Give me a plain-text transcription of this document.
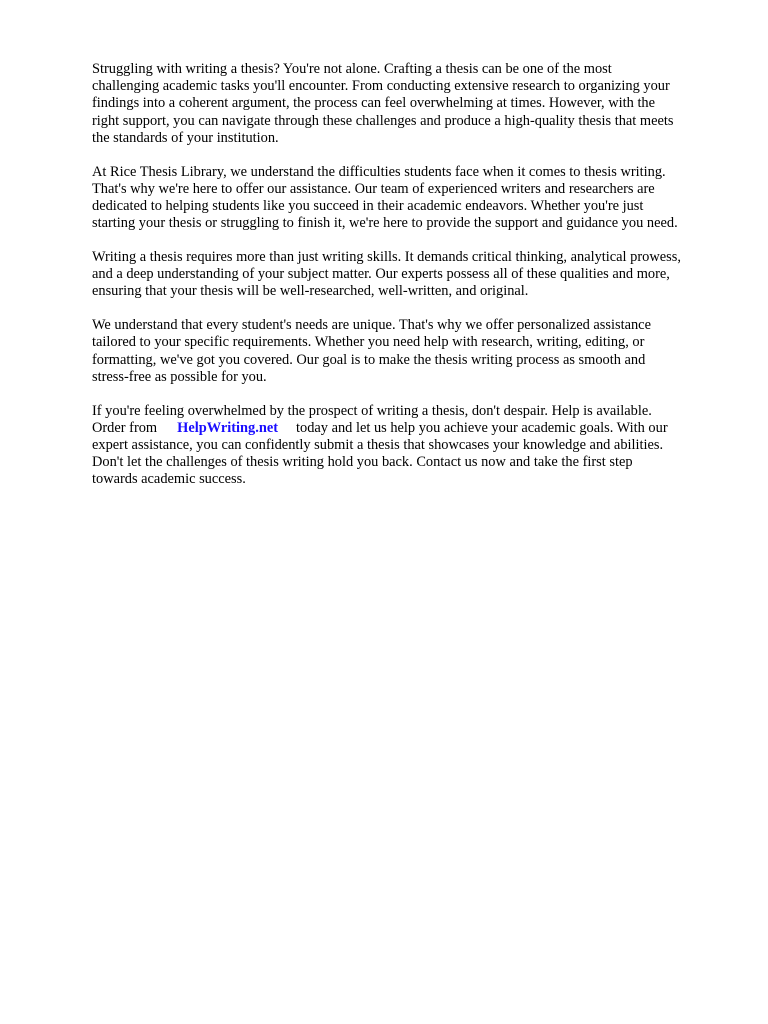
Struggling with writing a thesis? You're not alone. Crafting a thesis can be one of the most
challenging academic tasks you'll encounter. From conducting extensive research to organizing your
findings into a coherent argument, the process can feel overwhelming at times. However, with the
right support, you can navigate through these challenges and produce a high-quality thesis that meets
the standards of your institution.

At Rice Thesis Library, we understand the difficulties students face when it comes to thesis writing.
That's why we're here to offer our assistance. Our team of experienced writers and researchers are
dedicated to helping students like you succeed in their academic endeavors. Whether you're just
starting your thesis or struggling to finish it, we're here to provide the support and guidance you need.

Writing a thesis requires more than just writing skills. It demands critical thinking, analytical prowess,
and a deep understanding of your subject matter. Our experts possess all of these qualities and more,
ensuring that your thesis will be well-researched, well-written, and original.

We understand that every student's needs are unique. That's why we offer personalized assistance
tailored to your specific requirements. Whether you need help with research, writing, editing, or
formatting, we've got you covered. Our goal is to make the thesis writing process as smooth and
stress-free as possible for you.

If you're feeling overwhelmed by the prospect of writing a thesis, don't despair. Help is available.
Order from HelpWriting.net today and let us help you achieve your academic goals. With our
expert assistance, you can confidently submit a thesis that showcases your knowledge and abilities.
Don't let the challenges of thesis writing hold you back. Contact us now and take the first step
towards academic success.
